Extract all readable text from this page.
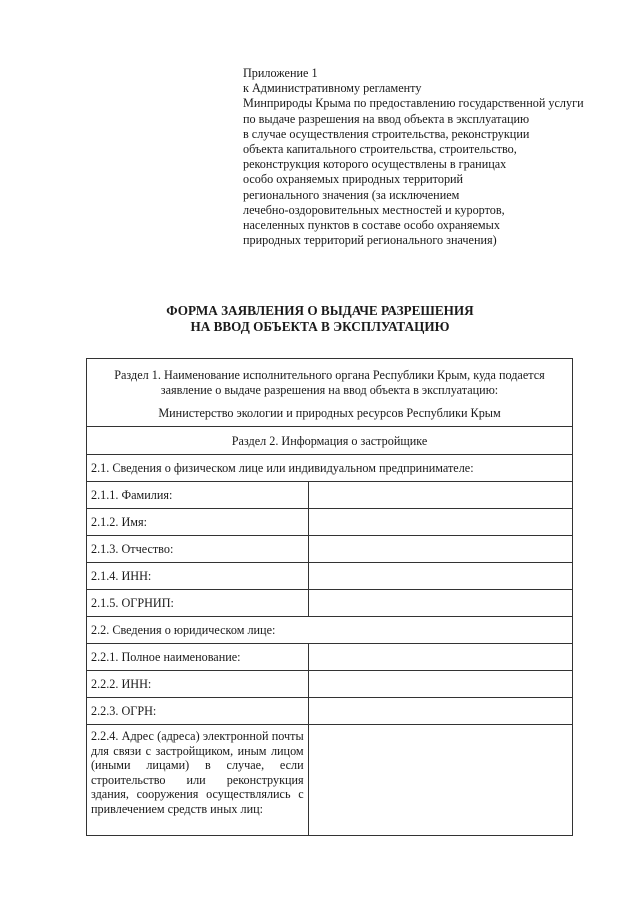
Приложение 1
к Административному регламенту
Минприроды Крыма по предоставлению государственной услуги
по выдаче разрешения на ввод объекта в эксплуатацию
в случае осуществления строительства, реконструкции
объекта капитального строительства, строительство,
реконструкция которого осуществлены в границах
особо охраняемых природных территорий
регионального значения (за исключением
лечебно-оздоровительных местностей и курортов,
населенных пунктов в составе особо охраняемых
природных территорий регионального значения)
ФОРМА ЗАЯВЛЕНИЯ О ВЫДАЧЕ РАЗРЕШЕНИЯ
НА ВВОД ОБЪЕКТА В ЭКСПЛУАТАЦИЮ
Раздел 1. Наименование исполнительного органа Республики Крым, куда подается
заявление о выдаче разрешения на ввод объекта в эксплуатацию:
Министерство экологии и природных ресурсов Республики Крым	

Раздел 2. Информация о застройщике	
2.1. Сведения о физическом лице или индивидуальном предпринимателе:	
2.1.1. Фамилия:	
2.1.2. Имя:	
2.1.3. Отчество:	
2.1.4. ИНН:	
2.1.5. ОГРНИП:	
2.2. Сведения о юридическом лице:	
2.2.1. Полное наименование:	
2.2.2. ИНН:	
2.2.3. ОГРН:	
2.2.4. Адрес (адреса) электронной почты для связи с застройщиком, иным лицом (иными лицами) в случае, если строительство или реконструкция здания, сооружения осуществлялись с привлечением средств иных лиц:	
